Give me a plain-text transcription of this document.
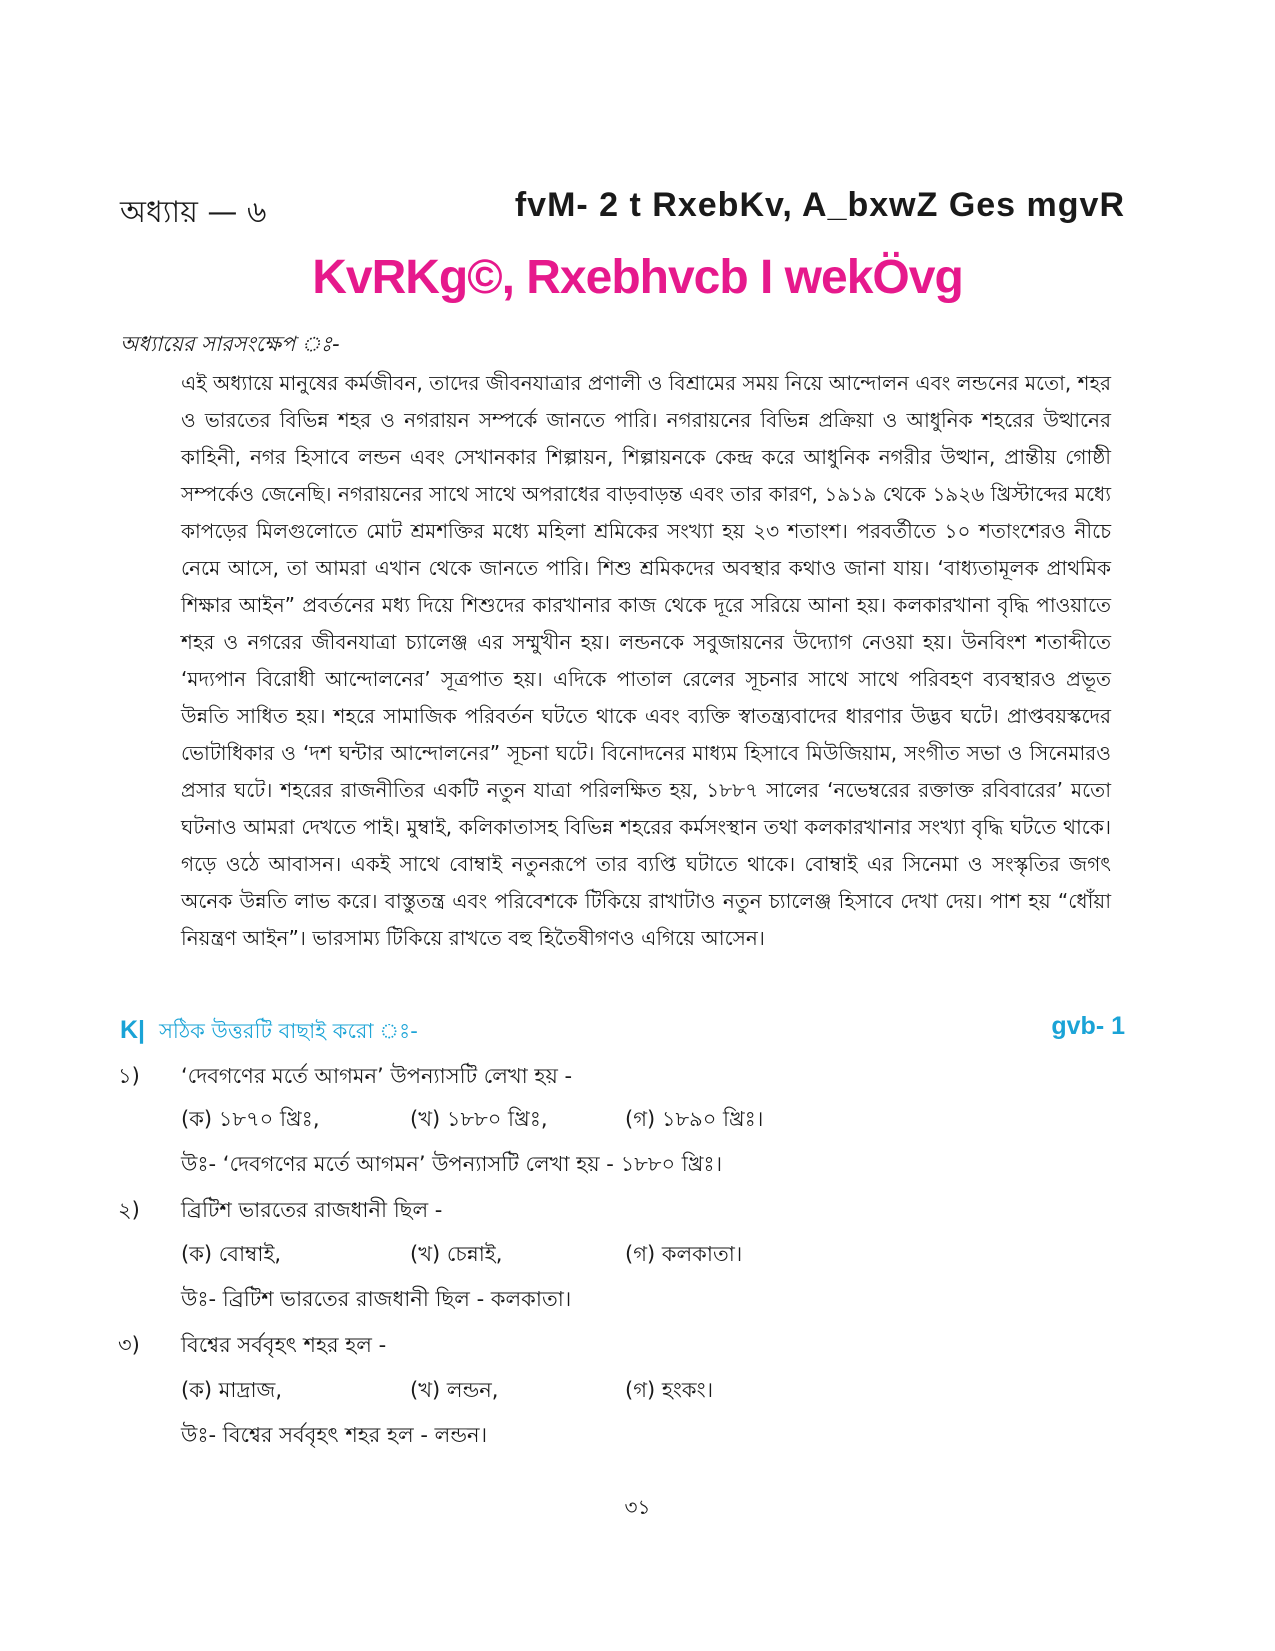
অধ্যায় — ৬	fvM- 2 t RxebKv, A_bxwZ Ges mgvR
KvRKg©, Rxebhvcb I wekÖvg
অধ্যায়ের সারসংক্ষেপ ঃ-
এই অধ্যায়ে মানুষের কর্মজীবন, তাদের জীবনযাত্রার প্রণালী ও বিশ্রামের সময় নিয়ে আন্দোলন এবং লন্ডনের মতো, শহর ও ভারতের বিভিন্ন শহর ও নগরায়ন সম্পর্কে জানতে পারি। নগরায়নের বিভিন্ন প্রক্রিয়া ও আধুনিক শহরের উত্থানের কাহিনী, নগর হিসাবে লন্ডন এবং সেখানকার শিল্পায়ন, শিল্পায়নকে কেন্দ্র করে আধুনিক নগরীর উত্থান, প্রান্তীয় গোষ্ঠী সম্পর্কেও জেনেছি। নগরায়নের সাথে সাথে অপরাধের বাড়বাড়ন্ত এবং তার কারণ, ১৯১৯ থেকে ১৯২৬ খ্রিস্টাব্দের মধ্যে কাপড়ের মিলগুলোতে মোট শ্রমশক্তির মধ্যে মহিলা শ্রমিকের সংখ্যা হয় ২৩ শতাংশ। পরবর্তীতে ১০ শতাংশেরও নীচে নেমে আসে, তা আমরা এখান থেকে জানতে পারি। শিশু শ্রমিকদের অবস্থার কথাও জানা যায়। ‘বাধ্যতামূলক প্রাথমিক শিক্ষার আইন” প্রবর্তনের মধ্য দিয়ে শিশুদের কারখানার কাজ থেকে দূরে সরিয়ে আনা হয়। কলকারখানা বৃদ্ধি পাওয়াতে শহর ও নগরের জীবনযাত্রা চ্যালেঞ্জ এর সম্মুখীন হয়। লন্ডনকে সবুজায়নের উদ্যোগ নেওয়া হয়। উনবিংশ শতাব্দীতে ‘মদ্যপান বিরোধী আন্দোলনের’ সূত্রপাত হয়। এদিকে পাতাল রেলের সূচনার সাথে সাথে পরিবহণ ব্যবস্থারও প্রভূত উন্নতি সাধিত হয়। শহরে সামাজিক পরিবর্তন ঘটতে থাকে এবং ব্যক্তি স্বাতন্ত্র্যবাদের ধারণার উদ্ভব ঘটে। প্রাপ্তবয়স্কদের ভোটাধিকার ও ‘দশ ঘন্টার আন্দোলনের” সূচনা ঘটে। বিনোদনের মাধ্যম হিসাবে মিউজিয়াম, সংগীত সভা ও সিনেমারও প্রসার ঘটে। শহরের রাজনীতির একটি নতুন যাত্রা পরিলক্ষিত হয়, ১৮৮৭ সালের ‘নভেম্বরের রক্তাক্ত রবিবারের’ মতো ঘটনাও আমরা দেখতে পাই। মুম্বাই, কলিকাতাসহ বিভিন্ন শহরের কর্মসংস্থান তথা কলকারখানার সংখ্যা বৃদ্ধি ঘটতে থাকে। গড়ে ওঠে আবাসন। একই সাথে বোম্বাই নতুনরূপে তার ব্যপ্তি ঘটাতে থাকে। বোম্বাই এর সিনেমা ও সংস্কৃতির জগৎ অনেক উন্নতি লাভ করে। বাস্তুতন্ত্র এবং পরিবেশকে টিকিয়ে রাখাটাও নতুন চ্যালেঞ্জ হিসাবে দেখা দেয়। পাশ হয় “ধোঁয়া নিয়ন্ত্রণ আইন”। ভারসাম্য টিকিয়ে রাখতে বহু হিতৈষীগণও এগিয়ে আসেন।
K| সঠিক উত্তরটি বাছাই করো ঃ-	gvb- 1
১) ‘দেবগণের মর্তে আগমন’ উপন্যাসটি লেখা হয় -
(ক) ১৮৭০ খ্রিঃ,	(খ) ১৮৮০ খ্রিঃ,	(গ) ১৮৯০ খ্রিঃ।
উঃ- ‘দেবগণের মর্তে আগমন’ উপন্যাসটি লেখা হয় - ১৮৮০ খ্রিঃ।
২) ব্রিটিশ ভারতের রাজধানী ছিল -
(ক) বোম্বাই,	(খ) চেন্নাই,	(গ) কলকাতা।
উঃ- ব্রিটিশ ভারতের রাজধানী ছিল - কলকাতা।
৩) বিশ্বের সর্ববৃহৎ শহর হল -
(ক) মাদ্রাজ,	(খ) লন্ডন,	(গ) হংকং।
উঃ- বিশ্বের সর্ববৃহৎ শহর হল - লন্ডন।
৩১
